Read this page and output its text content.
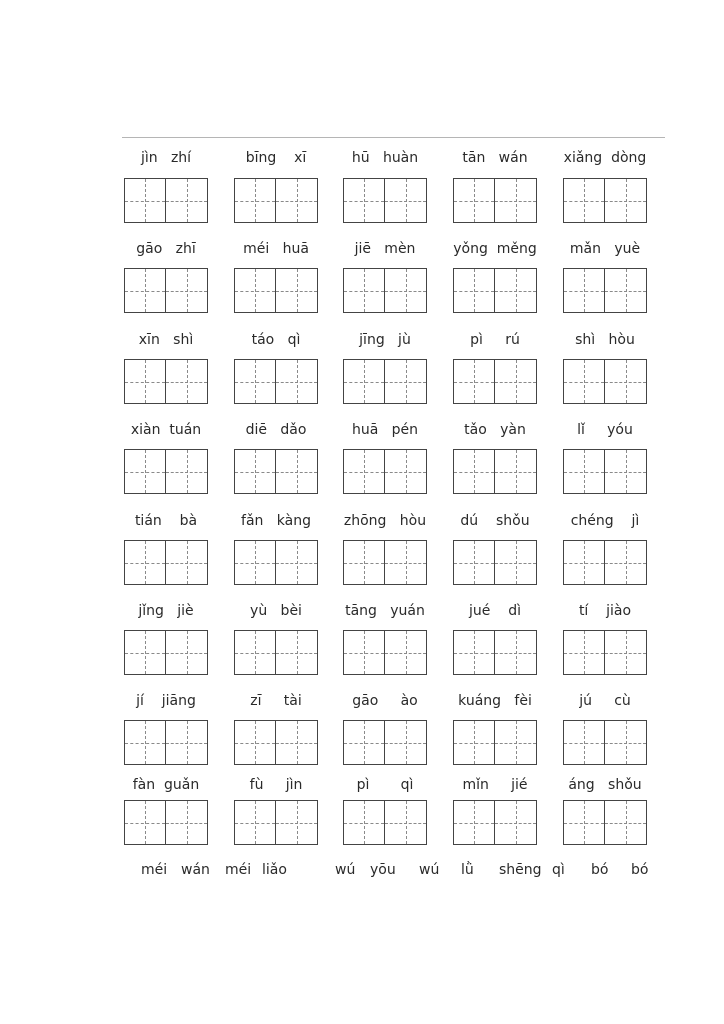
jìn   zhí	bīng    xī	hū   huàn	tān   wán	xiǎng  dòng
gāo   zhī	méi   huā	jiē   mèn	yǒng  měng	mǎn   yuè
xīn   shì	táo   qì	jīng   jù	pì     rú	shì   hòu
xiàn  tuán	diē   dǎo	huā   pén	tǎo   yàn	lǐ     yóu
tián    bà	fǎn   kàng	zhōng   hòu	dú    shǒu	chéng    jì
jǐng   jiè	yù   bèi	tāng   yuán	jué    dì	tí    jiào
jí    jiāng	zī     tài	gāo     ào	kuáng   fèi	jú     cù
fàn  guǎn	fù     jìn	pì       qì	mǐn     jié	áng   shǒu
méi wán méi liǎo	wú yōu wú lǜ shēng qì bó bó
